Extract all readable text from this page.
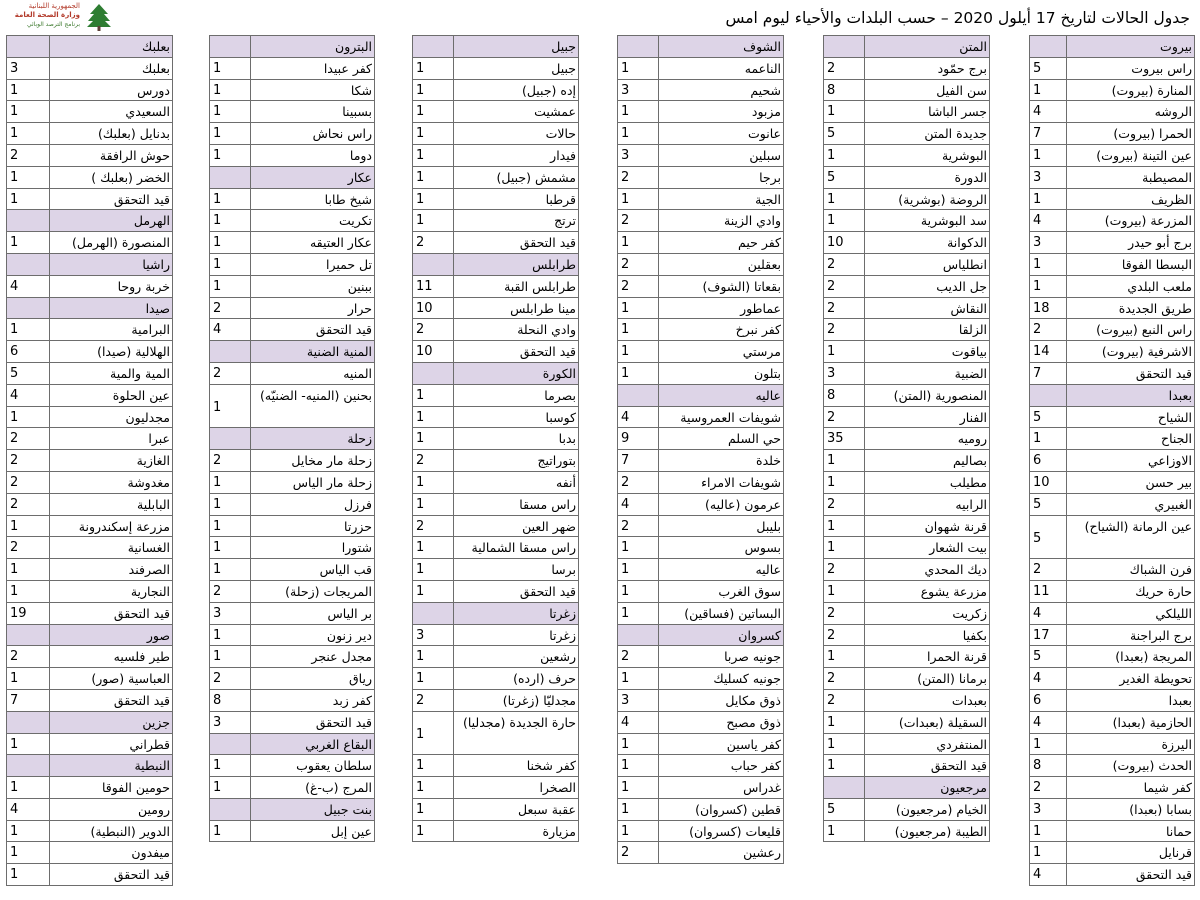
الجمهورية اللبنانية
وزارة الصحة العامة
برنامج الترصد الوبائي	جدول الحالات لتاريخ 17 أيلول 2020 – حسب البلدات والأحياء ليوم امس
بيروت
راس بيروت
5
المنارة (بيروت)
1
الروشه
4
الحمرا (بيروت)
7
عين التينة (بيروت)
1
المصيطبة
3
الظريف
1
المزرعة (بيروت)
4
برج أبو حيدر
3
البسطا الفوقا
1
ملعب البلدي
1
طريق الجديدة
18
راس النبع (بيروت)
2
الاشرفية (بيروت)
14
قيد التحقق
7
بعبدا
الشياح
5
الجناح
1
الاوزاعي
6
بير حسن
10
الغبيري
5
عين الرمانة (الشياح)
5
فرن الشباك
2
حارة حريك
11
الليلكي
4
برج البراجنة
17
المريجة (بعبدا)
5
تحويطة الغدير
4
بعبدا
6
الحازمية (بعبدا)
4
اليرزة
1
الحدث (بيروت)
8
كفر شيما
2
بسابا (بعبدا)
3
حمانا
1
قرنايل
1
قيد التحقق
4
المتن
برج حمّود
2
سن الفيل
8
جسر الباشا
1
جديدة المتن
5
البوشرية
1
الدورة
5
الروضة (بوشرية)
1
سد البوشرية
1
الدكوانة
10
انطلياس
2
جل الديب
2
النقاش
2
الزلقا
2
بياقوت
1
الضبية
3
المنصورية (المتن)
8
الفنار
2
روميه
35
بصاليم
1
مطيلب
1
الرابيه
2
قرنة شهوان
1
بيت الشعار
1
ديك المحدي
2
مزرعة يشوع
1
زكريت
2
بكفيا
2
قرنة الحمرا
1
برمانا (المتن)
2
بعبدات
2
السقيلة (بعبدات)
1
المنتفردي
1
قيد التحقق
1
مرجعيون
الخيام (مرجعيون)
5
الطيبة (مرجعيون)
1
الشوف
الناعمه
1
شحيم
3
مزبود
1
عانوت
1
سبلين
3
برجا
2
الجية
1
وادي الزينة
2
كفر حيم
1
بعقلين
2
بقعاتا (الشوف)
2
عماطور
1
كفر نبرخ
1
مرستي
1
بتلون
1
عاليه
شويفات العمروسية
4
حي السلم
9
خلدة
7
شويفات الامراء
2
عرمون (عاليه)
4
بليبل
2
بسوس
1
عاليه
1
سوق الغرب
1
البساتين (فساقين)
1
كسروان
جونيه صربا
2
جونيه كسليك
1
ذوق مكايل
3
ذوق مصبح
4
كفر ياسين
1
كفر حباب
1
غدراس
1
قطين (كسروان)
1
قليعات (كسروان)
1
رعشين
2
جبيل
جبيل
1
إده (جبيل)
1
عمشيت
1
حالات
1
فيدار
1
مشمش (جبيل)
1
قرطبا
1
ترتج
1
قيد التحقق
2
طرابلس
طرابلس القبة
11
مينا طرابلس
10
وادي النحلة
2
قيد التحقق
10
الكورة
بصرما
1
كوسبا
1
بدبا
1
بتوراتيج
2
أنفه
1
راس مسقا
1
ضهر العين
2
راس مسقا الشمالية
1
برسا
1
قيد التحقق
1
زغرتا
زغرتا
3
رشعين
1
حرف (ارده)
1
مجدليّا (زغرتا)
2
حارة الجديدة (مجدليا)
1
كفر شخنا
1
الصخرا
1
عقبة سبعل
1
مزيارة
1
البترون
كفر عبيدا
1
شكا
1
بسبينا
1
راس نحاش
1
دوما
1
عكار
شيخ طابا
1
تكريت
1
عكار العتيقه
1
تل حميرا
1
ببنين
1
حرار
2
قيد التحقق
4
المنية الضنية
المنيه
2
بحنين (المنيه- الضنيّه)
1
زحلة
زحلة مار مخايل
2
زحلة مار الياس
1
فرزل
1
حزرتا
1
شتورا
1
قب الياس
1
المريجات (زحلة)
2
بر الياس
3
دير زنون
1
مجدل عنجر
1
رياق
2
كفر زبد
8
قيد التحقق
3
البقاع الغربي
سلطان يعقوب
1
المرج (ب-غ)
1
بنت جبيل
عين إبل
1
بعلبك
بعلبك
3
دورس
1
السعيدي
1
بدنايل (بعلبك)
1
حوش الرافقة
2
الخضر (بعلبك )
1
قيد التحقق
1
الهرمل
المنصورة (الهرمل)
1
راشيا
خربة روحا
4
صيدا
البرامية
1
الهلالية (صيدا)
6
المية والمية
5
عين الحلوة
4
مجدليون
1
عبرا
2
الغازية
2
مغدوشة
2
البابلية
2
مزرعة إسكندرونة
1
الغسانية
2
الصرفند
1
النجارية
1
قيد التحقق
19
صور
طير فلسيه
2
العباسية (صور)
1
قيد التحقق
7
جزين
قطراني
1
النبطية
حومين الفوقا
1
رومين
4
الدوير (النبطية)
1
ميفدون
1
قيد التحقق
1
